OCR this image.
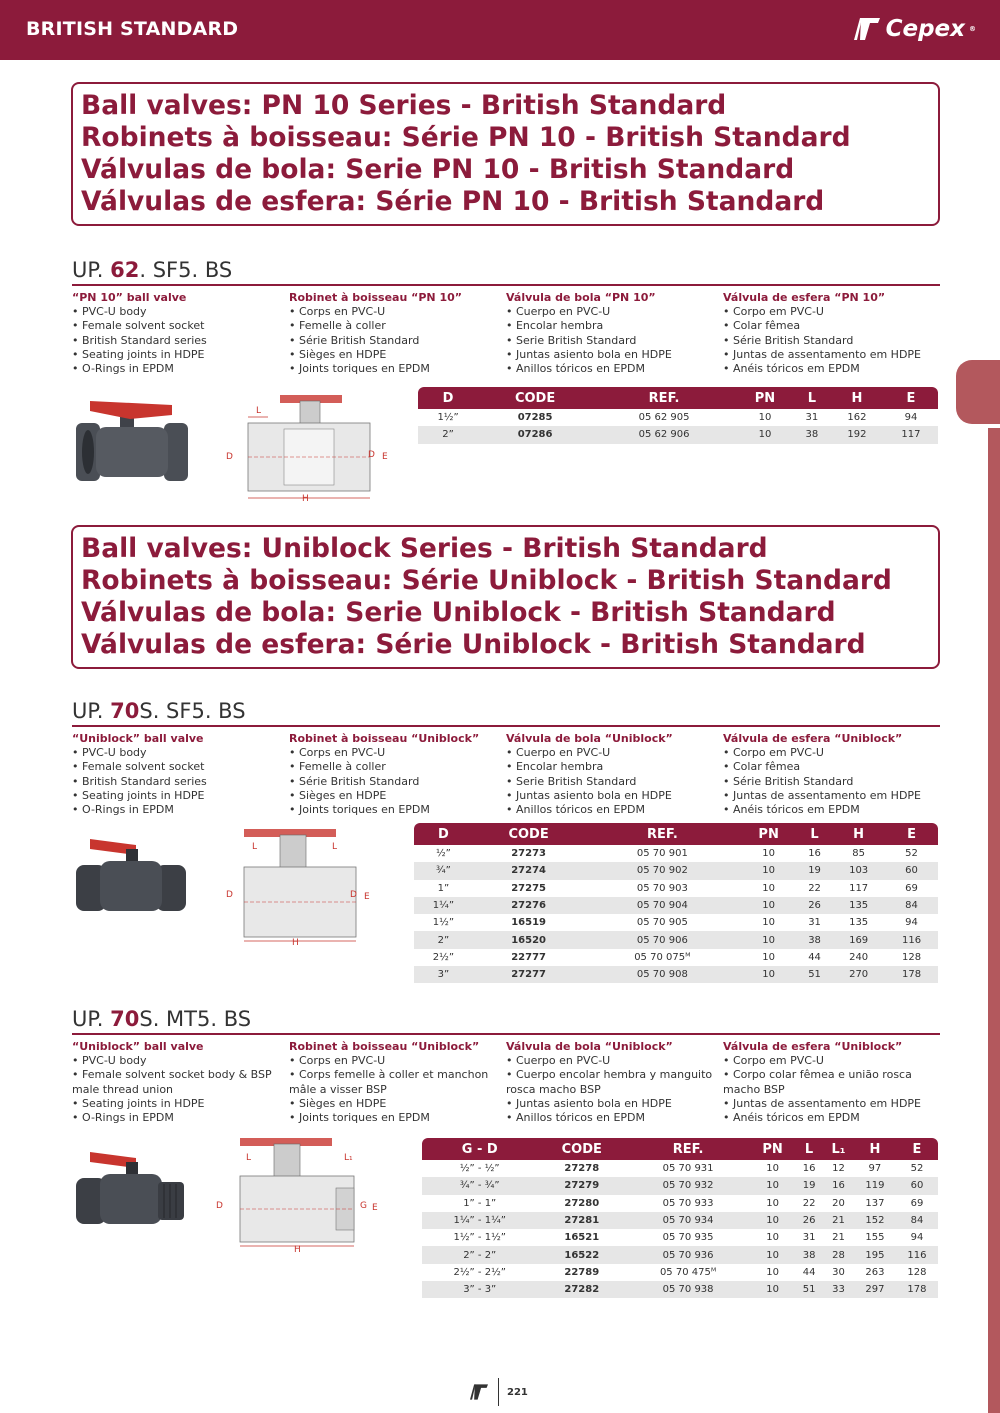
BRITISH STANDARD	Cepex ®
Ball valves: PN 10 Series - British Standard
Robinets à boisseau: Série PN 10 - British Standard
Válvulas de bola: Serie PN 10 - British Standard
Válvulas de esfera: Série PN 10 - British Standard
UP. 62. SF5. BS
“PN 10” ball valve
• PVC-U body
• Female solvent socket
• British Standard series
• Seating joints in HDPE
• O-Rings in EPDM
Robinet à boisseau “PN 10”
• Corps en PVC-U
• Femelle à coller
• Série British Standard
• Sièges en HDPE
• Joints toriques en EPDM
Válvula de bola “PN 10”
• Cuerpo en PVC-U
• Encolar hembra
• Serie British Standard
• Juntas asiento bola en HDPE
• Anillos tóricos en EPDM
Válvula de esfera “PN 10”
• Corpo em PVC-U
• Colar fêmea
• Série British Standard
• Juntas de assentamento em HDPE
• Anéis tóricos em EPDM
L
D	D E
H
D	CODE	REF.	PN	L	H	E
1½”	07285	05 62 905	10	31	162	94
2”	07286	05 62 906	10	38	192	117
Ball valves: Uniblock Series - British Standard
Robinets à boisseau: Série Uniblock - British Standard
Válvulas de bola: Serie Uniblock - British Standard
Válvulas de esfera: Série Uniblock - British Standard
UP. 70S. SF5. BS
“Uniblock” ball valve
• PVC-U body
• Female solvent socket
• British Standard series
• Seating joints in HDPE
• O-Rings in EPDM
Robinet à boisseau “Uniblock”
• Corps en PVC-U
• Femelle à coller
• Série British Standard
• Sièges en HDPE
• Joints toriques en EPDM
Válvula de bola “Uniblock”
• Cuerpo en PVC-U
• Encolar hembra
• Serie British Standard
• Juntas asiento bola en HDPE
• Anillos tóricos en EPDM
Válvula de esfera “Uniblock”
• Corpo em PVC-U
• Colar fêmea
• Série British Standard
• Juntas de assentamento em HDPE
• Anéis tóricos em EPDM
L	L
D	D E
H
D	CODE	REF.	PN	L	H	E
½”	27273	05 70 901	10	16	85	52
¾”	27274	05 70 902	10	19	103	60
1”	27275	05 70 903	10	22	117	69
1¼”	27276	05 70 904	10	26	135	84
1½”	16519	05 70 905	10	31	135	94
2”	16520	05 70 906	10	38	169	116
2½”	22777	05 70 075ᴹ	10	44	240	128
3”	27277	05 70 908	10	51	270	178
UP. 70S. MT5. BS
“Uniblock” ball valve
• PVC-U body
• Female solvent socket body & BSP male thread union
• Seating joints in HDPE
• O-Rings in EPDM
Robinet à boisseau “Uniblock”
• Corps en PVC-U
• Corps femelle à coller et manchon mâle a visser BSP
• Sièges en HDPE
• Joints toriques en EPDM
Válvula de bola “Uniblock”
• Cuerpo en PVC-U
• Cuerpo encolar hembra y manguito rosca macho BSP
• Juntas asiento bola en HDPE
• Anillos tóricos en EPDM
Válvula de esfera “Uniblock”
• Corpo em PVC-U
• Corpo colar fêmea e união rosca macho BSP
• Juntas de assentamento em HDPE
• Anéis tóricos em EPDM
L	L₁
D	G E
H
G - D	CODE	REF.	PN	L	L₁	H	E
½” - ½”	27278	05 70 931	10	16	12	97	52
¾” - ¾”	27279	05 70 932	10	19	16	119	60
1” - 1”	27280	05 70 933	10	22	20	137	69
1¼” - 1¼”	27281	05 70 934	10	26	21	152	84
1½” - 1½”	16521	05 70 935	10	31	21	155	94
2” - 2”	16522	05 70 936	10	38	28	195	116
2½” - 2½”	22789	05 70 475ᴹ	10	44	30	263	128
3” - 3”	27282	05 70 938	10	51	33	297	178
221
